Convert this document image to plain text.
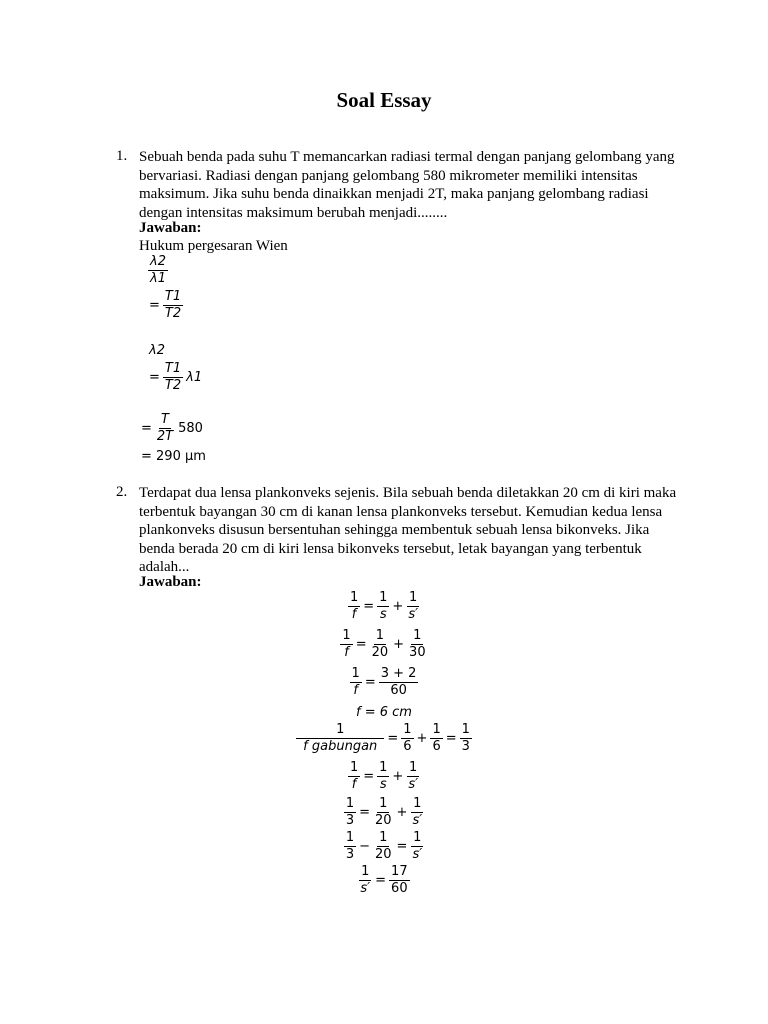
Soal Essay
1. Sebuah benda pada suhu T memancarkan radiasi termal dengan panjang gelombang yang bervariasi. Radiasi dengan panjang gelombang 580 mikrometer memiliki intensitas maksimum. Jika suhu benda dinaikkan menjadi 2T, maka panjang gelombang radiasi dengan intensitas maksimum berubah menjadi........
Jawaban:
Hukum pergesaran Wien
$\frac{\lambda 2}{\lambda 1}$
= $\frac{T1}{T2}$
λ2
= $\frac{T1}{T2} \lambda 1$
= $\frac{T}{2T} 580$
= 290 μm
2. Terdapat dua lensa plankonveks sejenis. Bila sebuah benda diletakkan 20 cm di kiri maka terbentuk bayangan 30 cm di kanan lensa plankonveks tersebut. Kemudian kedua lensa plankonveks disusun bersentuhan sehingga membentuk sebuah lensa bikonveks. Jika benda berada 20 cm di kiri lensa bikonveks tersebut, letak bayangan yang terbentuk adalah...
Jawaban:
$\frac{1}{f} = \frac{1}{s} + \frac{1}{s'}$
$\frac{1}{f} = \frac{1}{20} + \frac{1}{30}$
$\frac{1}{f} = \frac{3 + 2}{60}$
f = 6 cm
$\frac{1}{\text{f gabungan}} = \frac{1}{6} + \frac{1}{6} = \frac{1}{3}$
$\frac{1}{f} = \frac{1}{s} + \frac{1}{s'}$
$\frac{1}{3} = \frac{1}{20} + \frac{1}{s'}$
$\frac{1}{3} - \frac{1}{20} = \frac{1}{s'}$
$\frac{1}{s'} = \frac{17}{60}$
